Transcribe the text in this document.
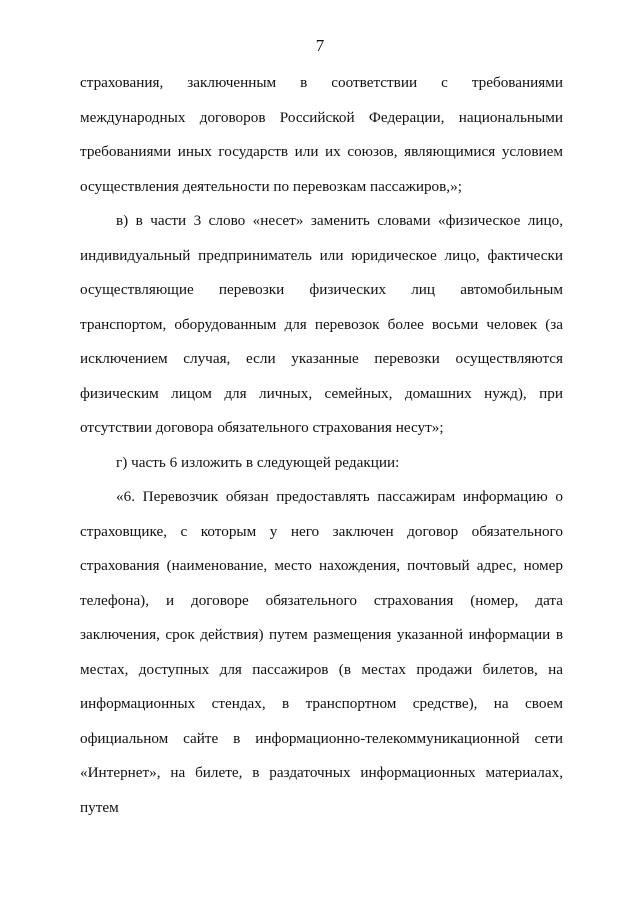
7

страхования, заключенным в соответствии с требованиями международных договоров Российской Федерации, национальными требованиями иных государств или их союзов, являющимися условием осуществления деятельности по перевозкам пассажиров,»;

в) в части 3 слово «несет» заменить словами «физическое лицо, индивидуальный предприниматель или юридическое лицо, фактически осуществляющие перевозки физических лиц автомобильным транспортом, оборудованным для перевозок более восьми человек (за исключением случая, если указанные перевозки осуществляются физическим лицом для личных, семейных, домашних нужд), при отсутствии договора обязательного страхования несут»;

г) часть 6 изложить в следующей редакции:

«6. Перевозчик обязан предоставлять пассажирам информацию о страховщике, с которым у него заключен договор обязательного страхования (наименование, место нахождения, почтовый адрес, номер телефона), и договоре обязательного страхования (номер, дата заключения, срок действия) путем размещения указанной информации в местах, доступных для пассажиров (в местах продажи билетов, на информационных стендах, в транспортном средстве), на своем официальном сайте в информационно-телекоммуникационной сети «Интернет», на билете, в раздаточных информационных материалах, путем
